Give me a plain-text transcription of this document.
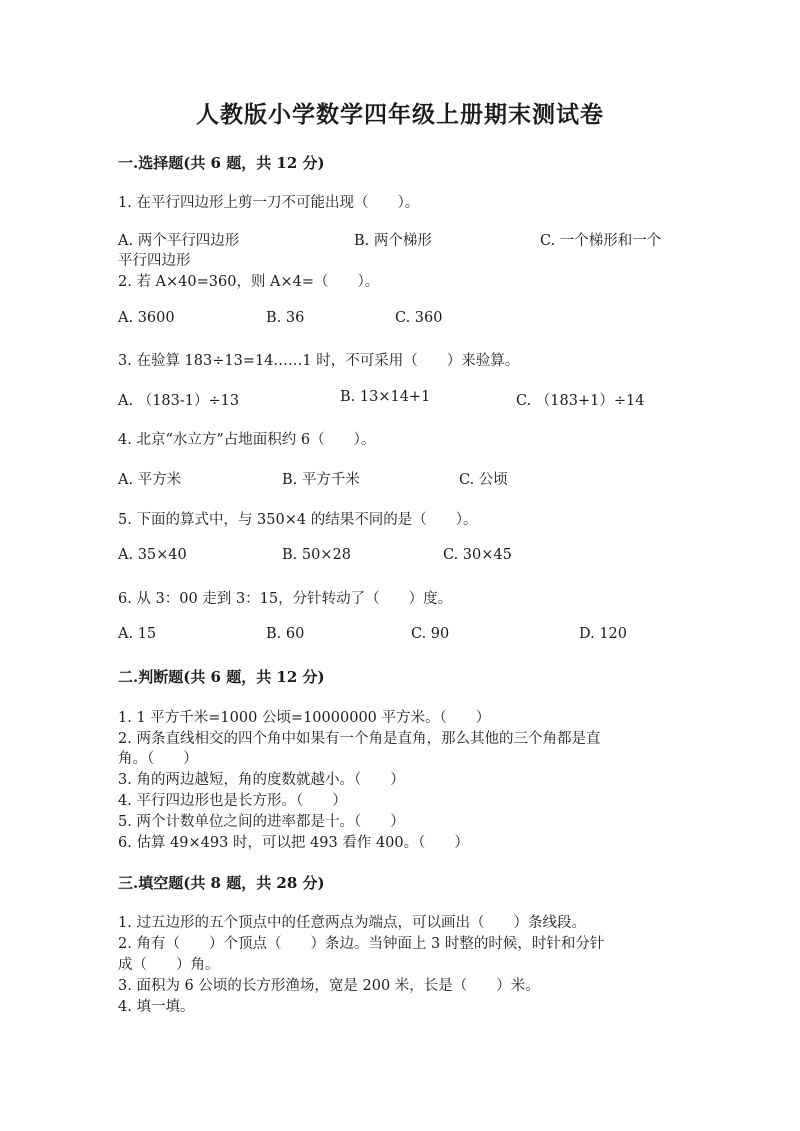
人教版小学数学四年级上册期末测试卷
一.选择题(共 6 题，共 12 分)
1. 在平行四边形上剪一刀不可能出现（　　）。
A. 两个平行四边形	B. 两个梯形	C. 一个梯形和一个
平行四边形
2. 若 A×40=360，则 A×4=（　　）。
A. 3600	B. 36	C. 360
3. 在验算 183÷13=14……1 时，不可采用（　　）来验算。
A. （183-1）÷13	B. 13×14+1	C. （183+1）÷14
4. 北京“水立方”占地面积约 6（　　）。
A. 平方米	B. 平方千米	C. 公顷
5. 下面的算式中，与 350×4 的结果不同的是（　　）。
A. 35×40	B. 50×28	C. 30×45
6. 从 3：00 走到 3：15，分针转动了（　　）度。
A. 15	B. 60	C. 90	D. 120
二.判断题(共 6 题，共 12 分)
1. 1 平方千米=1000 公顷=10000000 平方米。（　　）
2. 两条直线相交的四个角中如果有一个角是直角，那么其他的三个角都是直
角。（　　）
3. 角的两边越短，角的度数就越小。（　　）
4. 平行四边形也是长方形。（　　）
5. 两个计数单位之间的进率都是十。（　　）
6. 估算 49×493 时，可以把 493 看作 400。（　　）
三.填空题(共 8 题，共 28 分)
1. 过五边形的五个顶点中的任意两点为端点，可以画出（　　）条线段。
2. 角有（　　）个顶点（　　）条边。当钟面上 3 时整的时候，时针和分针
成（　　）角。
3. 面积为 6 公顷的长方形渔场，宽是 200 米，长是（　　）米。
4. 填一填。
